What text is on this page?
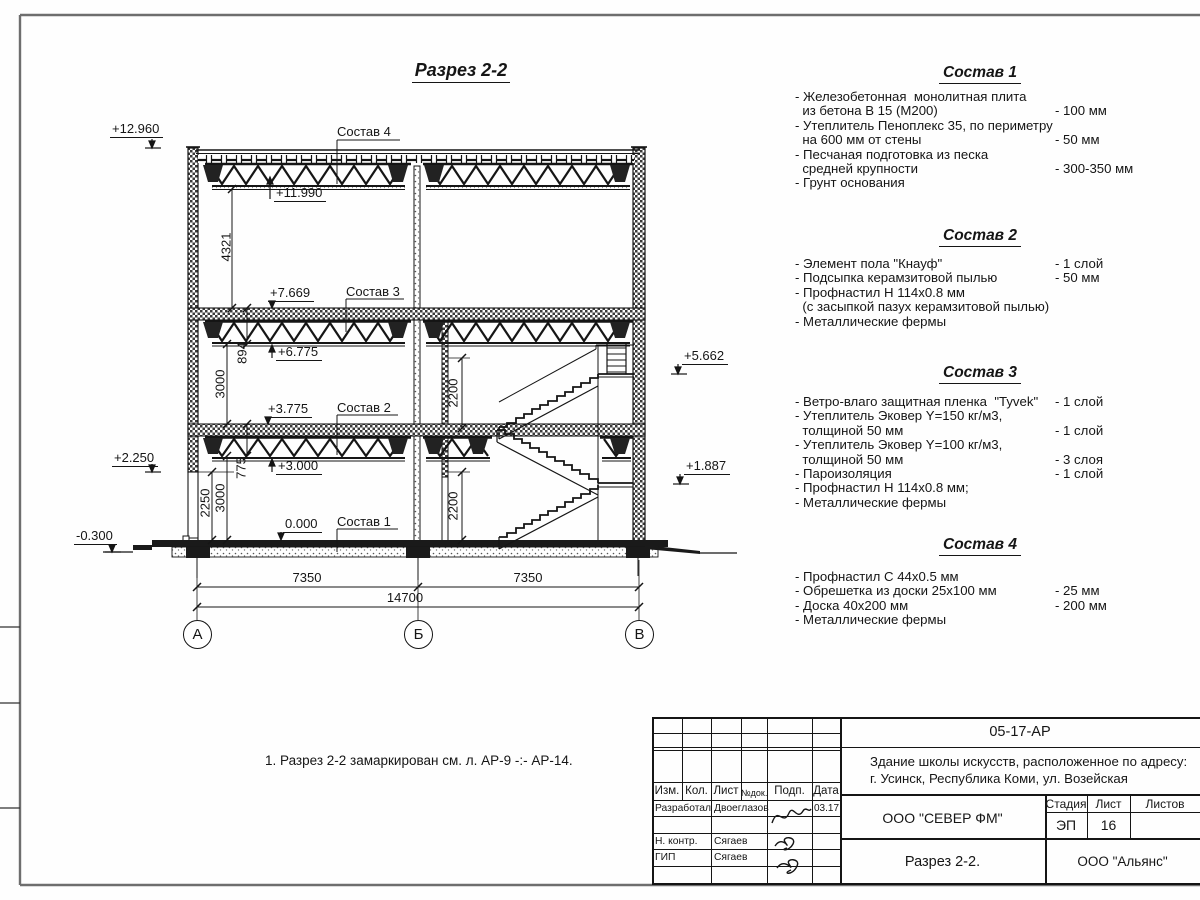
Разрез 2-2
Состав 4
Состав 3
Состав 2
Состав 1
+12.960
+11.990
+7.669
+6.775
+3.775
+3.000
0.000
+2.250
-0.300
+5.662
+1.887
4321
894
3000
775
3000
2250
2200
2200
7350	7350
14700
А	Б	В
1. Разрез 2-2 замаркирован см. л. АР-9 -:- АР-14.
Состав 1
- Железобетонная  монолитная плита
из бетона В 15 (М200)	- 100 мм
- Утеплитель Пеноплекс 35, по периметру
на 600 мм от стены	- 50 мм
- Песчаная подготовка из песка
средней крупности	- 300-350 мм
- Грунт основания
Состав 2
- Элемент пола "Кнауф"	- 1 слой
- Подсыпка керамзитовой пылью	- 50 мм
- Профнастил Н 114х0.8 мм
(с засыпкой пазух керамзитовой пылью)
- Металлические фермы
Состав 3
- Ветро-влаго защитная пленка  "Tyvek" - 1 слой
- Утеплитель Эковер Y=150 кг/м3,
толщиной 50 мм	- 1 слой
- Утеплитель Эковер Y=100 кг/м3,
толщиной 50 мм	- 3 слоя
- Пароизоляция	- 1 слой
- Профнастил Н 114х0.8 мм;
- Металлические фермы
Состав 4
- Профнастил С 44х0.5 мм
- Обрешетка из доски 25х100 мм	- 25 мм
- Доска 40х200 мм	- 200 мм
- Металлические фермы
05-17-АР
Здание школы искусств, расположенное по адресу:
г. Усинск, Республика Коми, ул. Возейская
ООО "СЕВЕР ФМ"
Стадия Лист	Листов
ЭП	16
Разрез 2-2.	ООО "Альянс"
Изм. Кол. Лист №док. Подп. Дата
Разработал Двоеглазов	03.17
Н. контр. Сягаев
ГИП	Сягаев
